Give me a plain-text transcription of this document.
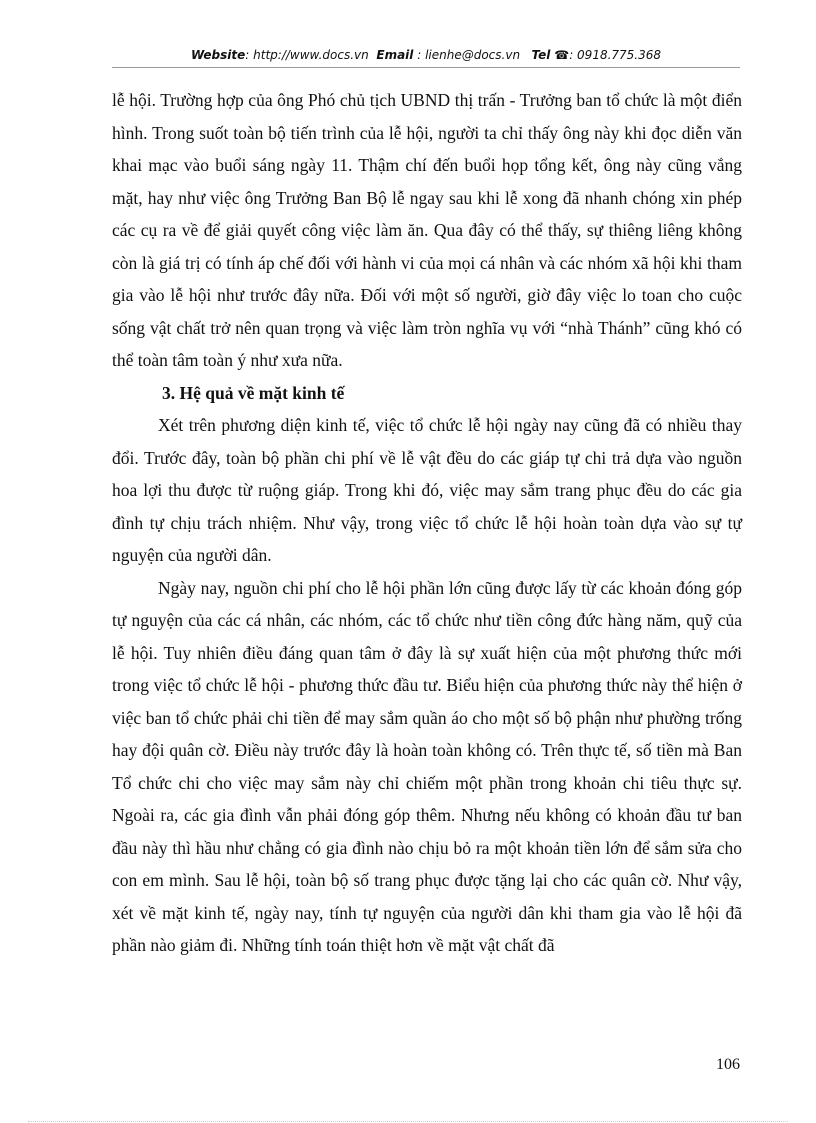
Website: http://www.docs.vn Email : lienhe@docs.vn Tel ☎: 0918.775.368

lễ hội. Trường hợp của ông Phó chủ tịch UBND thị trấn - Trưởng ban tổ chức là một điển hình. Trong suốt toàn bộ tiến trình của lễ hội, người ta chỉ thấy ông này khi đọc diễn văn khai mạc vào buổi sáng ngày 11. Thậm chí đến buổi họp tổng kết, ông này cũng vắng mặt, hay như việc ông Trưởng Ban Bộ lễ ngay sau khi lễ xong đã nhanh chóng xin phép các cụ ra về để giải quyết công việc làm ăn. Qua đây có thể thấy, sự thiêng liêng không còn là giá trị có tính áp chế đối với hành vi của mọi cá nhân và các nhóm xã hội khi tham gia vào lễ hội như trước đây nữa. Đối với một số người, giờ đây việc lo toan cho cuộc sống vật chất trở nên quan trọng và việc làm tròn nghĩa vụ với “nhà Thánh” cũng khó có thể toàn tâm toàn ý như xưa nữa.

3. Hệ quả về mặt kinh tế

Xét trên phương diện kinh tế, việc tổ chức lễ hội ngày nay cũng đã có nhiều thay đổi. Trước đây, toàn bộ phần chi phí về lễ vật đều do các giáp tự chi trả dựa vào nguồn hoa lợi thu được từ ruộng giáp. Trong khi đó, việc may sắm trang phục đều do các gia đình tự chịu trách nhiệm. Như vậy, trong việc tổ chức lễ hội hoàn toàn dựa vào sự tự nguyện của người dân.

Ngày nay, nguồn chi phí cho lễ hội phần lớn cũng được lấy từ các khoản đóng góp tự nguyện của các cá nhân, các nhóm, các tổ chức như tiền công đức hàng năm, quỹ của lễ hội. Tuy nhiên điều đáng quan tâm ở đây là sự xuất hiện của một phương thức mới trong việc tổ chức lễ hội - phương thức đầu tư. Biểu hiện của phương thức này thể hiện ở việc ban tổ chức phải chi tiền để may sắm quần áo cho một số bộ phận như phường trống hay đội quân cờ. Điều này trước đây là hoàn toàn không có. Trên thực tế, số tiền mà Ban Tổ chức chi cho việc may sắm này chỉ chiếm một phần trong khoản chi tiêu thực sự. Ngoài ra, các gia đình vẫn phải đóng góp thêm. Nhưng nếu không có khoản đầu tư ban đầu này thì hầu như chẳng có gia đình nào chịu bỏ ra một khoản tiền lớn để sắm sửa cho con em mình. Sau lễ hội, toàn bộ số trang phục được tặng lại cho các quân cờ. Như vậy, xét về mặt kinh tế, ngày nay, tính tự nguyện của người dân khi tham gia vào lễ hội đã phần nào giảm đi. Những tính toán thiệt hơn về mặt vật chất đã

106
